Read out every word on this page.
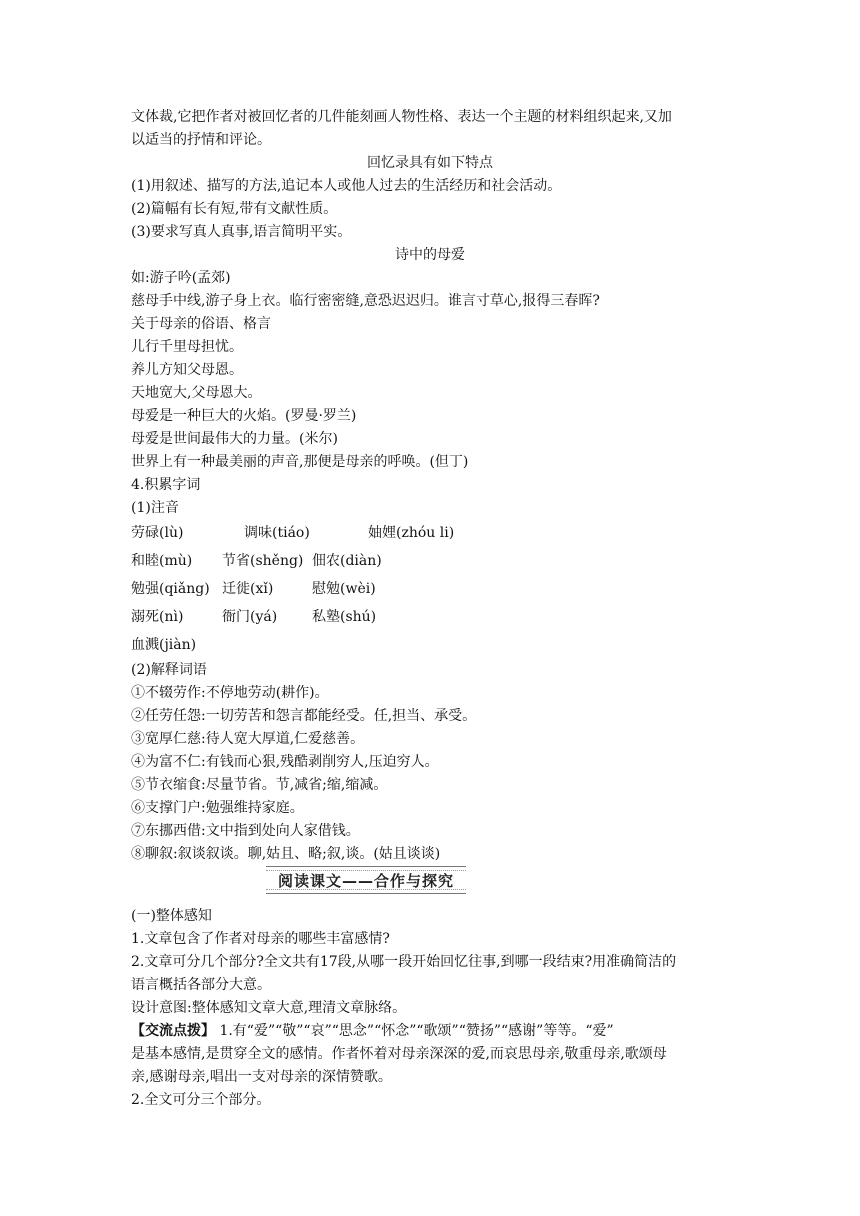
文体裁,它把作者对被回忆者的几件能刻画人物性格、表达一个主题的材料组织起来,又加
以适当的抒情和评论。
回忆录具有如下特点
(1)用叙述、描写的方法,追记本人或他人过去的生活经历和社会活动。
(2)篇幅有长有短,带有文献性质。
(3)要求写真人真事,语言简明平实。
诗中的母爱
如:游子吟(孟郊)
慈母手中线,游子身上衣。临行密密缝,意恐迟迟归。谁言寸草心,报得三春晖?
关于母亲的俗语、格言
儿行千里母担忧。
养儿方知父母恩。
天地宽大,父母恩大。
母爱是一种巨大的火焰。(罗曼·罗兰)
母爱是世间最伟大的力量。(米尔)
世界上有一种最美丽的声音,那便是母亲的呼唤。(但丁)
4.积累字词
(1)注音
劳碌(lù)	调味(tiáo)	妯娌(zhóu li)
和睦(mù) 节省(shěng) 佃农(diàn)
勉强(qiǎng) 迁徙(xǐ)	慰勉(wèi)
溺死(nì)	衙门(yá) 私塾(shú)
血溅(jiàn)
(2)解释词语
①不辍劳作:不停地劳动(耕作)。
②任劳任怨:一切劳苦和怨言都能经受。任,担当、承受。
③宽厚仁慈:待人宽大厚道,仁爱慈善。
④为富不仁:有钱而心狠,残酷剥削穷人,压迫穷人。
⑤节衣缩食:尽量节省。节,减省;缩,缩减。
⑥支撑门户:勉强维持家庭。
⑦东挪西借:文中指到处向人家借钱。
⑧聊叙:叙谈叙谈。聊,姑且、略;叙,谈。(姑且谈谈)
阅读课文——合作与探究
(一)整体感知
1.文章包含了作者对母亲的哪些丰富感情?
2.文章可分几个部分?全文共有17段,从哪一段开始回忆往事,到哪一段结束?用准确简洁的
语言概括各部分大意。
设计意图:整体感知文章大意,理清文章脉络。
【交流点拨】 1.有“爱”“敬”“哀”“思念”“怀念”“歌颂”“赞扬”“感谢”等等。“爱”
是基本感情,是贯穿全文的感情。作者怀着对母亲深深的爱,而哀思母亲,敬重母亲,歌颂母
亲,感谢母亲,唱出一支对母亲的深情赞歌。
2.全文可分三个部分。
